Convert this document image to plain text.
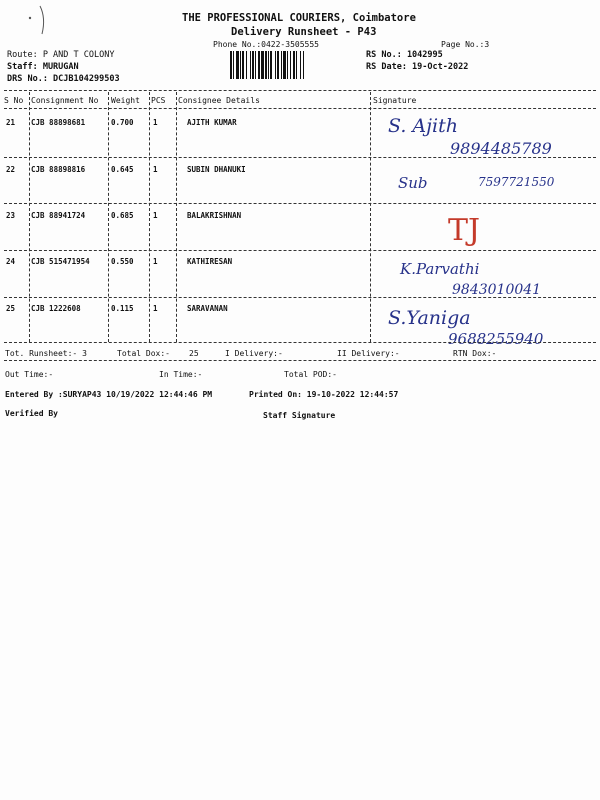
THE PROFESSIONAL COURIERS, Coimbatore
Delivery Runsheet - P43
Phone No.:0422-3505555	Page No.:3
Route: P AND T COLONY
Staff: MURUGAN
DRS No.: DCJB104299503
RS No.: 1042995
RS Date: 19-Oct-2022
S No Consignment No Weight PCS Consignee Details	Signature
21 CJB 88898681	0.700	1	AJITH KUMAR	S. Ajith
9894485789
22 CJB 88898816	0.645	1	SUBIN DHANUKI
Sub	7597721550
23 CJB 88941724	0.685	1	BALAKRISHNAN	TJ
24 CJB 515471954	0.550	1	KATHIRESAN	K.Parvathi
9843010041
25 CJB 1222608	0.115	1	SARAVANAN	S.Yaniga
9688255940
Tot. Runsheet:- 3	Total Dox:- 25	I Delivery:-	II Delivery:-	RTN Dox:-
Out Time:-	In Time:-	Total POD:-
Entered By :SURYAP43 10/19/2022 12:44:46 PM	Printed On: 19-10-2022 12:44:57
Verified By	Staff Signature
